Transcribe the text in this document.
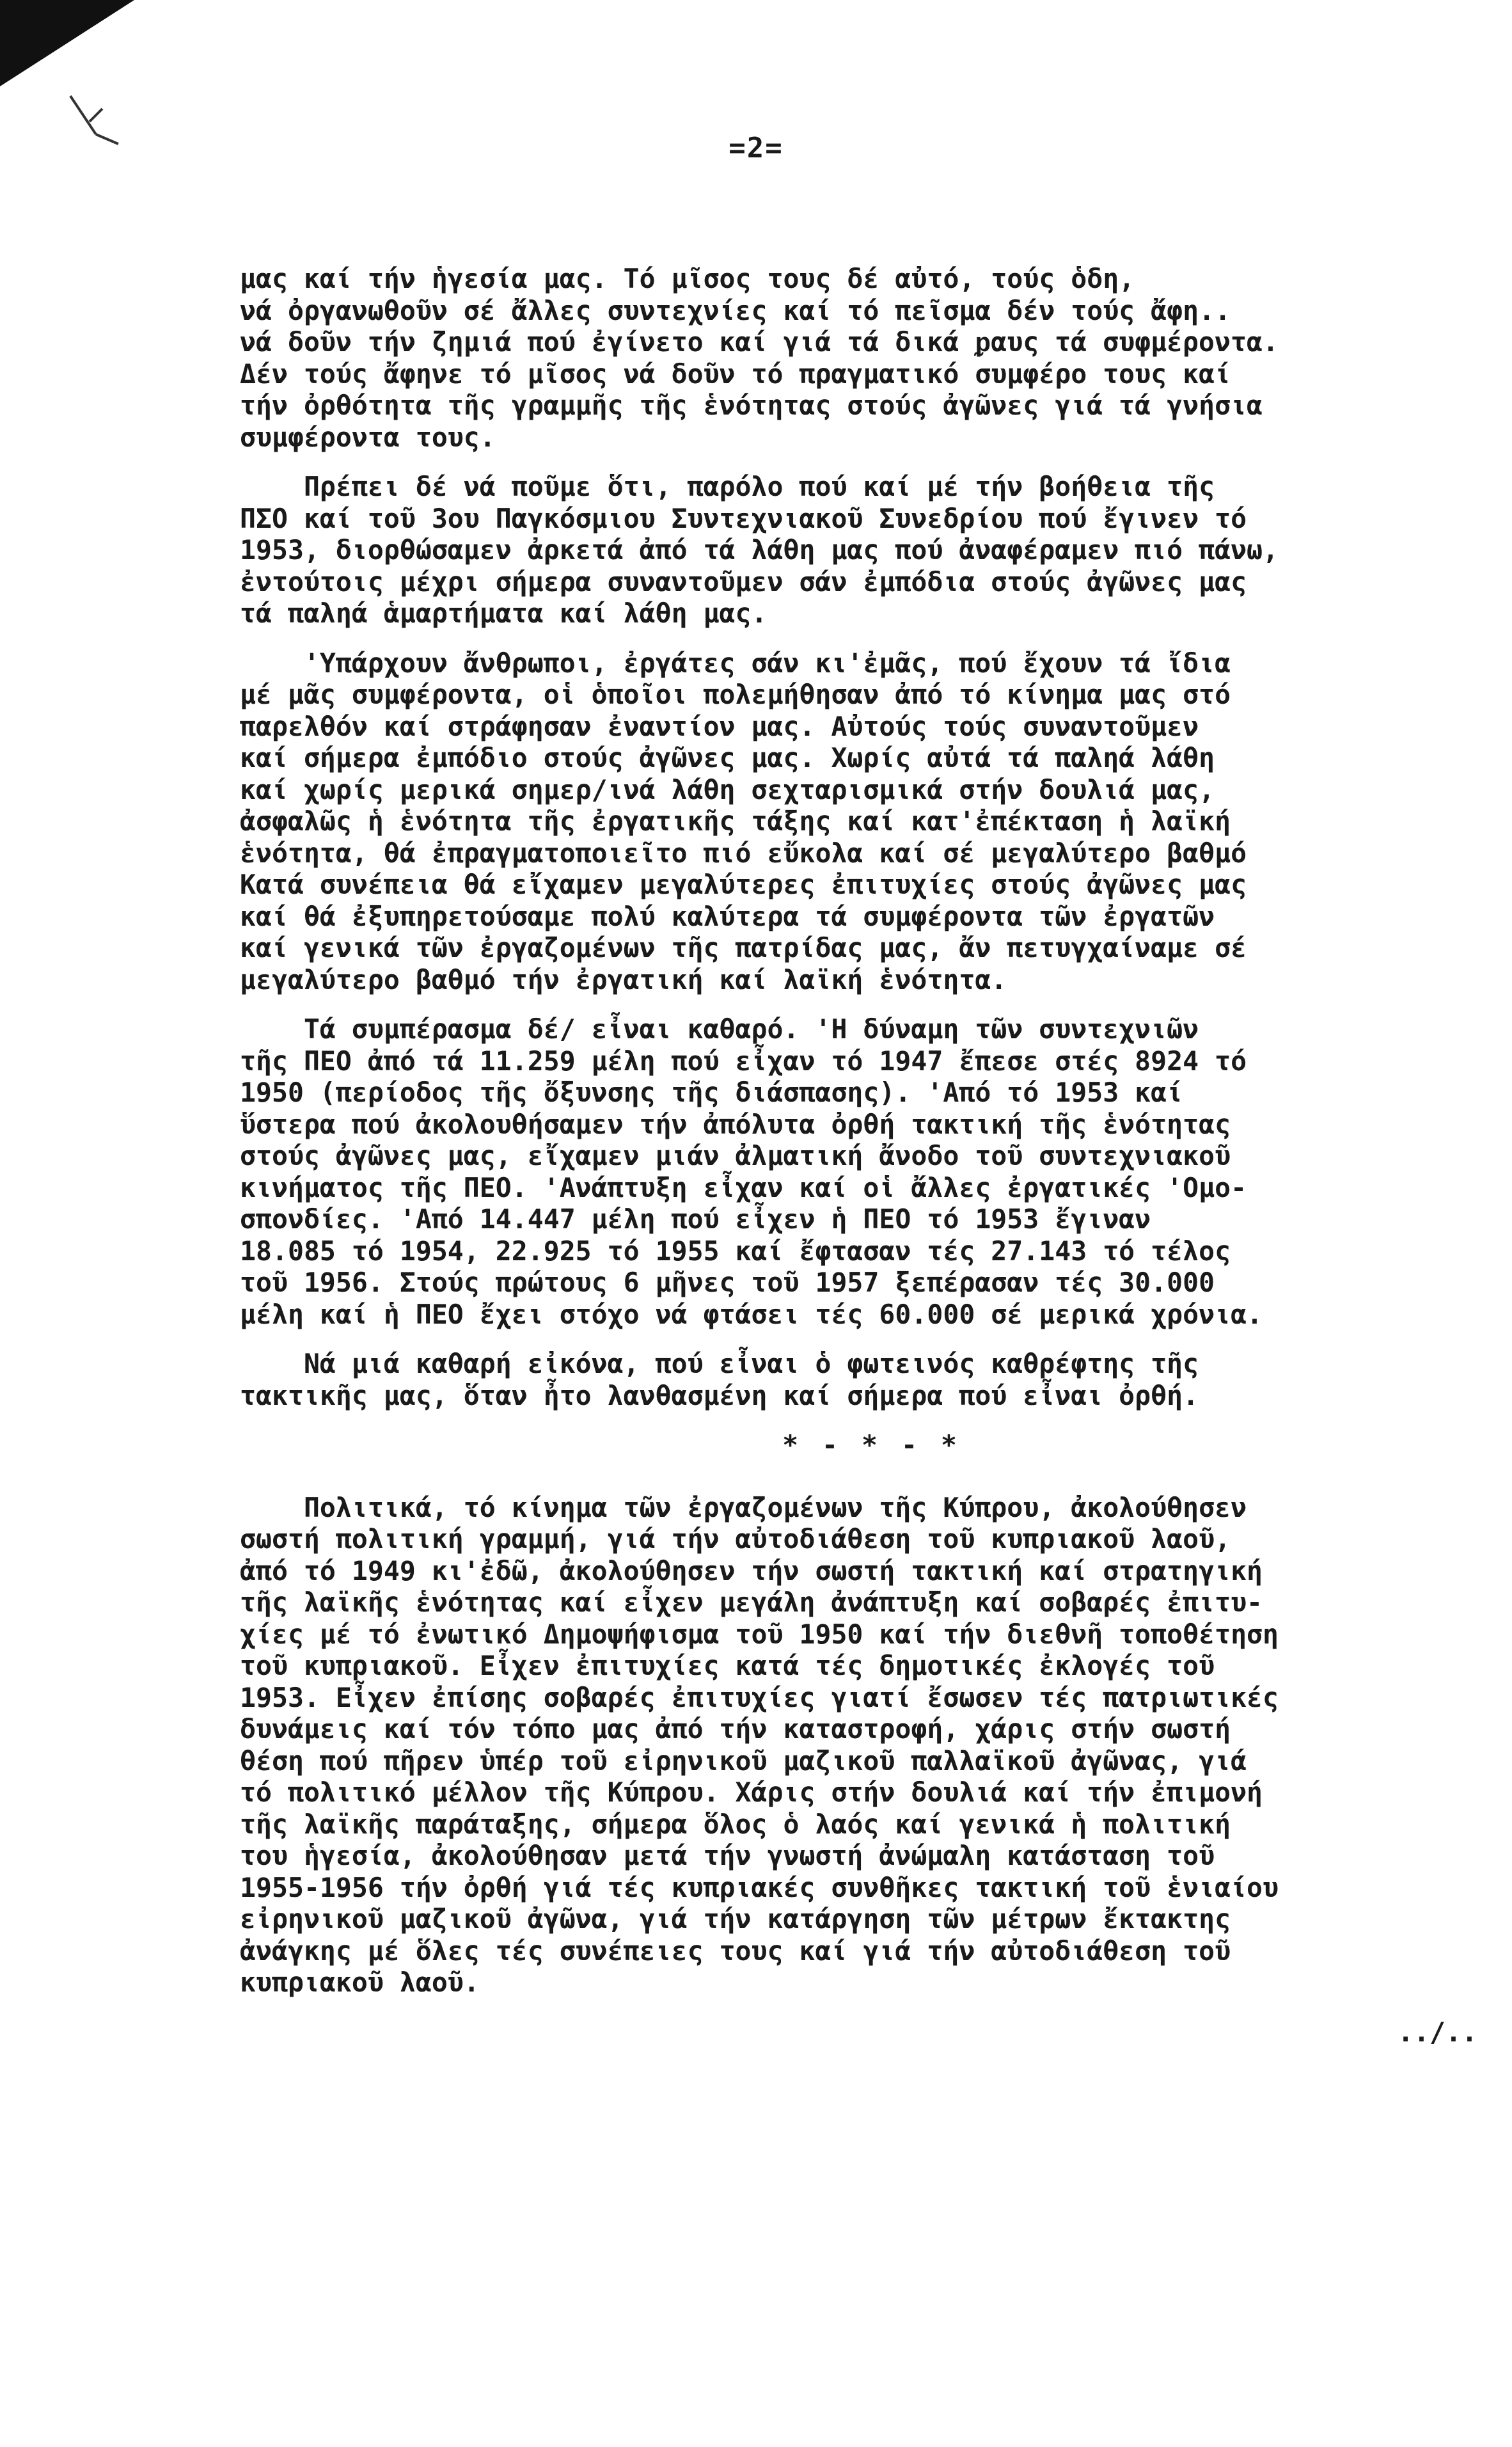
=2=

μας καί τήν ἡγεσία μας. Τό μῖσος τους δέ αὐτό, τούς ὁδη,
νά ὀργανωθοῦν σέ ἄλλες συντεχνίες καί τό πεῖσμα δέν τούς ἄφη..
νά δοῦν τήν ζημιά πού ἐγίνετο καί γιά τά δικά ᵱαυς τά συφμέροντα.
Δέν τούς ἄφηνε τό μῖσος νά δοῦν τό πραγματικό συμφέρο τους καί
τήν ὀρθότητα τῆς γραμμῆς τῆς ἑνότητας στούς ἀγῶνες γιά τά γνήσια
συμφέροντα τους.
Πρέπει δέ νά ποῦμε ὅτι, παρόλο πού καί μέ τήν βοήθεια τῆς
ΠΣΟ καί τοῦ 3ου Παγκόσμιου Συντεχνιακοῦ Συνεδρίου πού ἔγινεν τό
1953, διορθώσαμεν ἀρκετά ἀπό τά λάθη μας πού ἀναφέραμεν πιό πάνω,
ἐντούτοις μέχρι σήμερα συναντοῦμεν σάν ἐμπόδια στούς ἀγῶνες μας
τά παληά ἁμαρτήματα καί λάθη μας.
'Υπάρχουν ἄνθρωποι, ἐργάτες σάν κι'ἐμᾶς, πού ἔχουν τά ἴδια
μέ μᾶς συμφέροντα, οἱ ὁποῖοι πολεμήθησαν ἀπό τό κίνημα μας στό
παρελθόν καί στράφησαν ἐναντίον μας. Αὐτούς τούς συναντοῦμεν
καί σήμερα ἐμπόδιο στούς ἀγῶνες μας. Χωρίς αὐτά τά παληά λάθη
καί χωρίς μερικά σημερ/ινά λάθη σεχταρισμικά στήν δουλιά μας,
ἀσφαλῶς ἡ ἑνότητα τῆς ἐργατικῆς τάξης καί κατ'ἐπέκταση ἡ λαϊκή
ἑνότητα, θά ἐπραγματοποιεῖτο πιό εὔκολα καί σέ μεγαλύτερο βαθμό
Κατά συνέπεια θά εἴχαμεν μεγαλύτερες ἐπιτυχίες στούς ἀγῶνες μας
καί θά ἐξυπηρετούσαμε πολύ καλύτερα τά συμφέροντα τῶν ἐργατῶν
καί γενικά τῶν ἐργαζομένων τῆς πατρίδας μας, ἄν πετυγχαίναμε σέ
μεγαλύτερο βαθμό τήν ἐργατική καί λαϊκή ἑνότητα.
Τά συμπέρασμα δέ/ εἶναι καθαρό. 'Η δύναμη τῶν συντεχνιῶν
τῆς ΠΕΟ ἀπό τά 11.259 μέλη πού εἶχαν τό 1947 ἔπεσε στές 8924 τό
1950 (περίοδος τῆς ὄξυνσης τῆς διάσπασης). 'Από τό 1953 καί
ὕστερα πού ἀκολουθήσαμεν τήν ἀπόλυτα ὀρθή τακτική τῆς ἑνότητας
στούς ἀγῶνες μας, εἴχαμεν μιάν ἀλματική ἄνοδο τοῦ συντεχνιακοῦ
κινήματος τῆς ΠΕΟ. 'Ανάπτυξη εἶχαν καί οἱ ἄλλες ἐργατικές 'Ομο-
σπονδίες. 'Από 14.447 μέλη πού εἶχεν ἡ ΠΕΟ τό 1953 ἔγιναν
18.085 τό 1954, 22.925 τό 1955 καί ἔφτασαν τές 27.143 τό τέλος
τοῦ 1956. Στούς πρώτους 6 μῆνες τοῦ 1957 ξεπέρασαν τές 30.000
μέλη καί ἡ ΠΕΟ ἔχει στόχο νά φτάσει τές 60.000 σέ μερικά χρόνια.
Νά μιά καθαρή εἰκόνα, πού εἶναι ὁ φωτεινός καθρέφτης τῆς
τακτικῆς μας, ὅταν ἦτο λανθασμένη καί σήμερα πού εἶναι ὀρθή.
* - * - *
Πολιτικά, τό κίνημα τῶν ἐργαζομένων τῆς Κύπρου, ἀκολούθησεν
σωστή πολιτική γραμμή, γιά τήν αὐτοδιάθεση τοῦ κυπριακοῦ λαοῦ,
ἀπό τό 1949 κι'ἐδῶ, ἀκολούθησεν τήν σωστή τακτική καί στρατηγική
τῆς λαϊκῆς ἑνότητας καί εἶχεν μεγάλη ἀνάπτυξη καί σοβαρές ἐπιτυ-
χίες μέ τό ἐνωτικό Δημοψήφισμα τοῦ 1950 καί τήν διεθνῆ τοποθέτηση
τοῦ κυπριακοῦ. Εἶχεν ἐπιτυχίες κατά τές δημοτικές ἐκλογές τοῦ
1953. Εἶχεν ἐπίσης σοβαρές ἐπιτυχίες γιατί ἔσωσεν τές πατριωτικές
δυνάμεις καί τόν τόπο μας ἀπό τήν καταστροφή, χάρις στήν σωστή
θέση πού πῆρεν ὑπέρ τοῦ εἰρηνικοῦ μαζικοῦ παλλαϊκοῦ ἀγῶνας, γιά
τό πολιτικό μέλλον τῆς Κύπρου. Χάρις στήν δουλιά καί τήν ἐπιμονή
τῆς λαϊκῆς παράταξης, σήμερα ὅλος ὁ λαός καί γενικά ἡ πολιτική
του ἡγεσία, ἀκολούθησαν μετά τήν γνωστή ἀνώμαλη κατάσταση τοῦ
1955-1956 τήν ὀρθή γιά τές κυπριακές συνθῆκες τακτική τοῦ ἑνιαίου
εἰρηνικοῦ μαζικοῦ ἀγῶνα, γιά τήν κατάργηση τῶν μέτρων ἔκτακτης
ἀνάγκης μέ ὅλες τές συνέπειες τους καί γιά τήν αὐτοδιάθεση τοῦ
κυπριακοῦ λαοῦ.
../..
